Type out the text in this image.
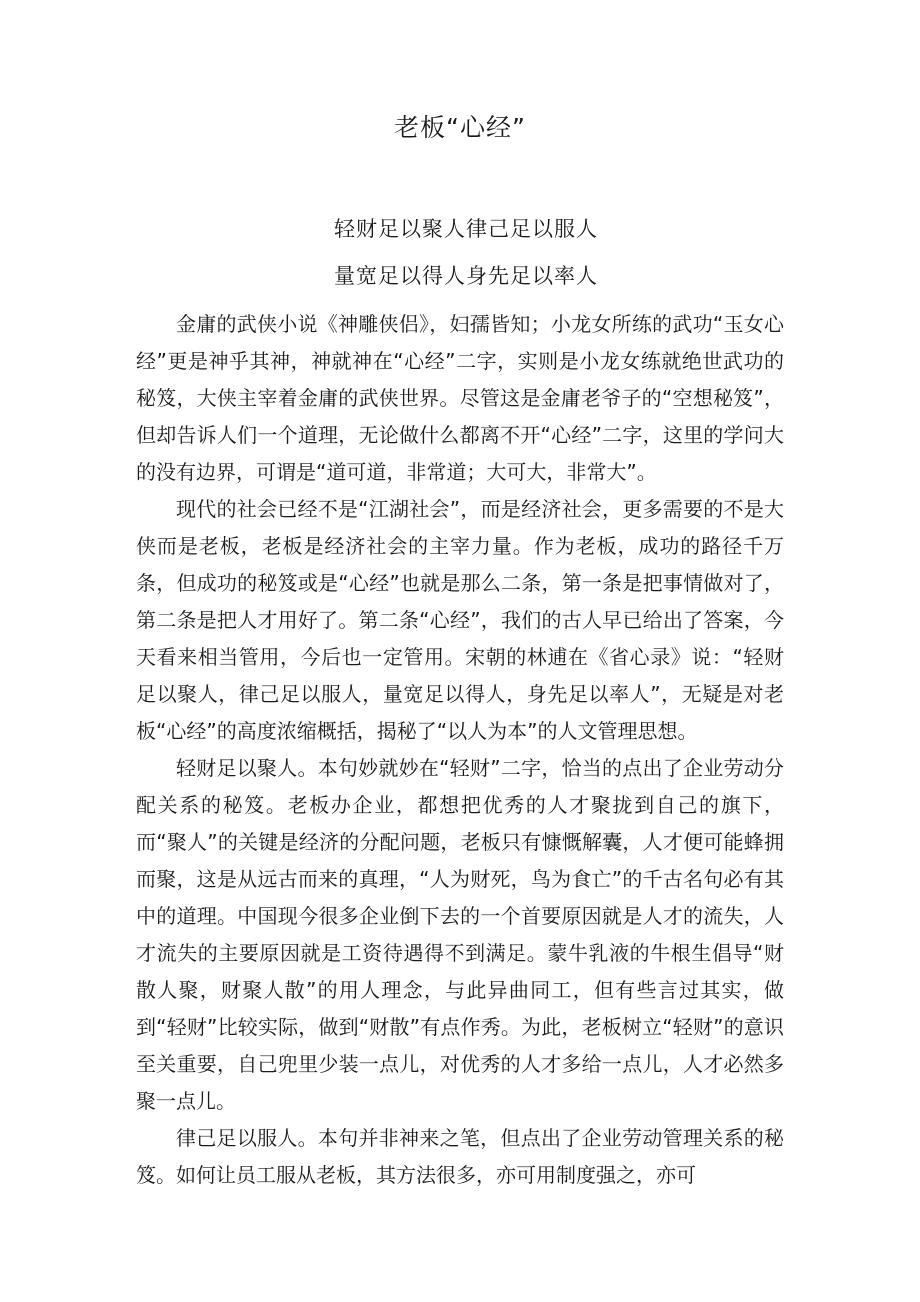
老板“心经”
轻财足以聚人律己足以服人
量宽足以得人身先足以率人

金庸的武侠小说《神雕侠侣》，妇孺皆知；小龙女所练的武功“玉女心经”更是神乎其神，神就神在“心经”二字，实则是小龙女练就绝世武功的秘笈，大侠主宰着金庸的武侠世界。尽管这是金庸老爷子的“空想秘笈”，但却告诉人们一个道理，无论做什么都离不开“心经”二字，这里的学问大的没有边界，可谓是“道可道，非常道；大可大，非常大”。

现代的社会已经不是“江湖社会”，而是经济社会，更多需要的不是大侠而是老板，老板是经济社会的主宰力量。作为老板，成功的路径千万条，但成功的秘笈或是“心经”也就是那么二条，第一条是把事情做对了，第二条是把人才用好了。第二条“心经”，我们的古人早已给出了答案，今天看来相当管用，今后也一定管用。宋朝的林逋在《省心录》说：“轻财足以聚人，律己足以服人，量宽足以得人，身先足以率人”，无疑是对老板“心经”的高度浓缩概括，揭秘了“以人为本”的人文管理思想。

轻财足以聚人。本句妙就妙在“轻财”二字，恰当的点出了企业劳动分配关系的秘笈。老板办企业，都想把优秀的人才聚拢到自己的旗下，而“聚人”的关键是经济的分配问题，老板只有慷慨解囊，人才便可能蜂拥而聚，这是从远古而来的真理，“人为财死，鸟为食亡”的千古名句必有其中的道理。中国现今很多企业倒下去的一个首要原因就是人才的流失，人才流失的主要原因就是工资待遇得不到满足。蒙牛乳液的牛根生倡导“财散人聚，财聚人散”的用人理念，与此异曲同工，但有些言过其实，做到“轻财”比较实际，做到“财散”有点作秀。为此，老板树立“轻财”的意识至关重要，自己兜里少装一点儿，对优秀的人才多给一点儿，人才必然多聚一点儿。

律己足以服人。本句并非神来之笔，但点出了企业劳动管理关系的秘笈。如何让员工服从老板，其方法很多，亦可用制度强之，亦可
